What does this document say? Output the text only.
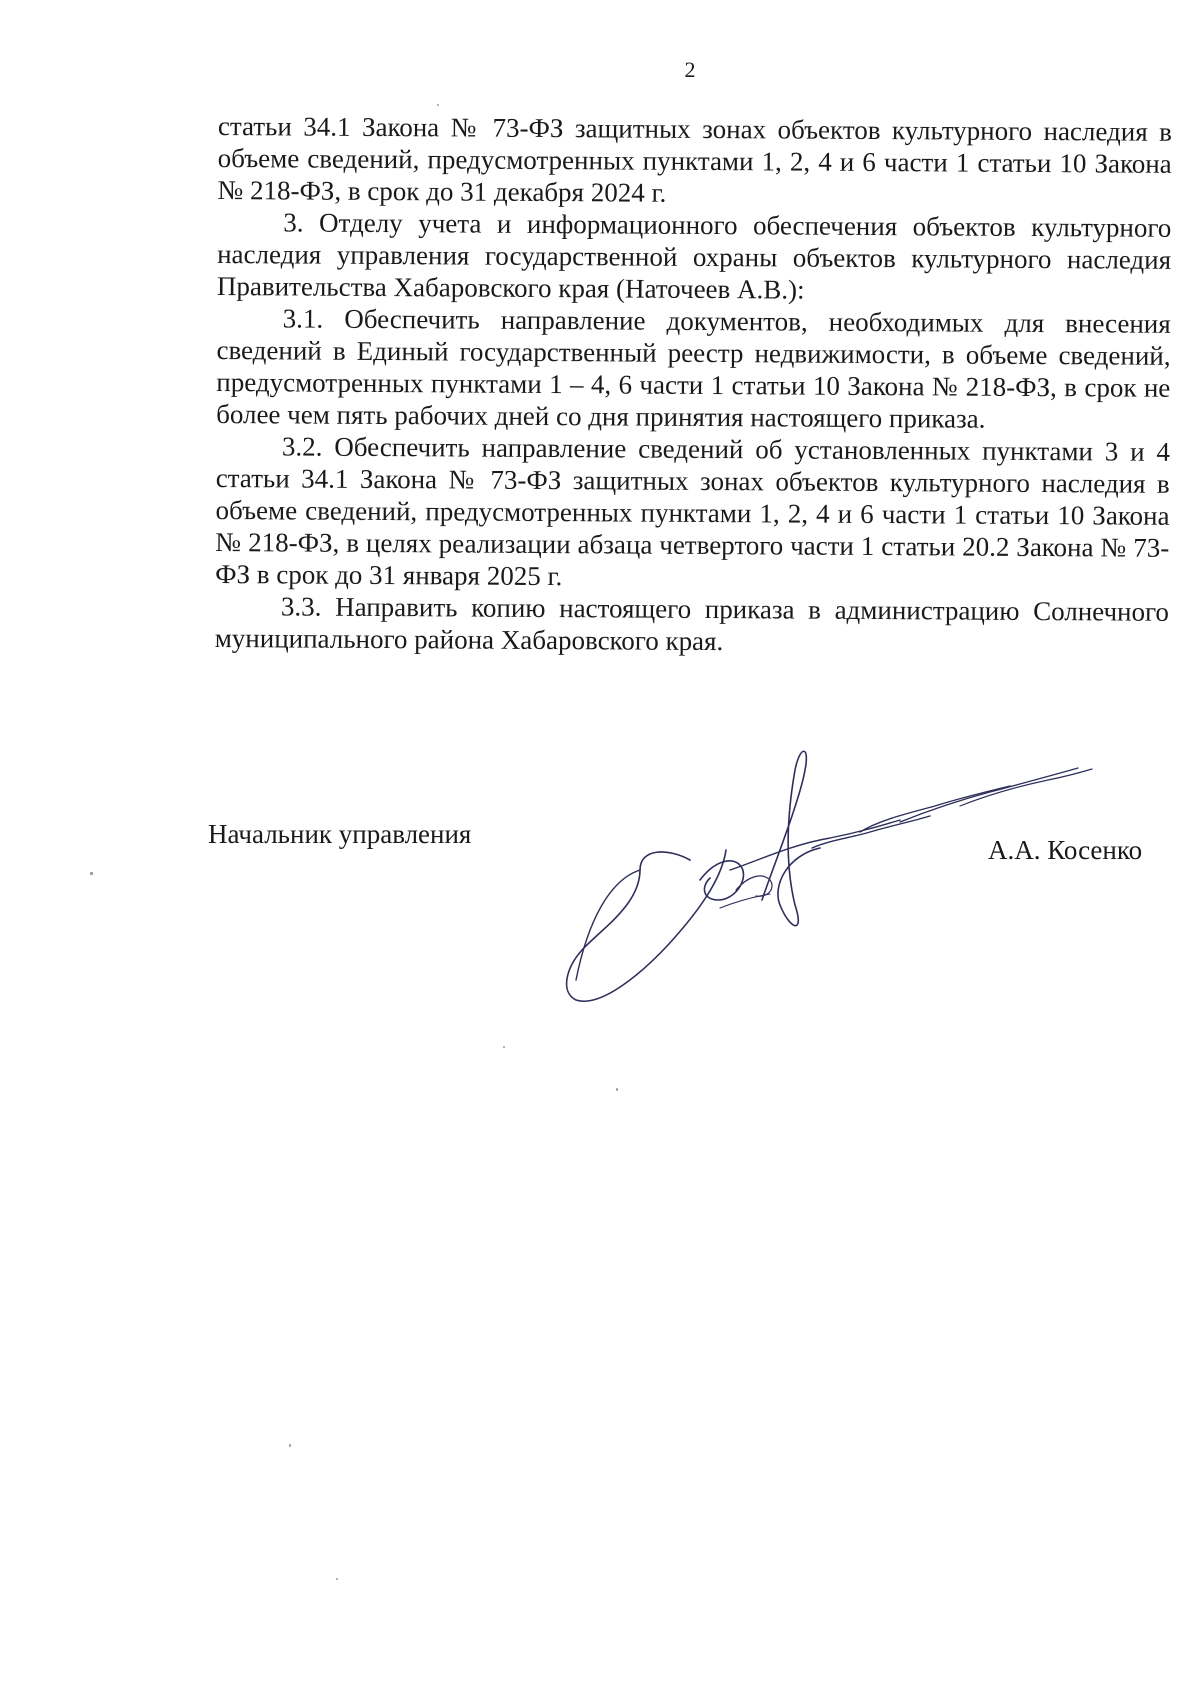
2

статьи 34.1 Закона № 73-ФЗ защитных зонах объектов культурного наследия в объеме сведений, предусмотренных пунктами 1, 2, 4 и 6 части 1 статьи 10 Закона № 218-ФЗ, в срок до 31 декабря 2024 г.

3. Отделу учета и информационного обеспечения объектов культурного наследия управления государственной охраны объектов культурного наследия Правительства Хабаровского края (Наточеев А.В.):

3.1. Обеспечить направление документов, необходимых для внесения сведений в Единый государственный реестр недвижимости, в объеме сведений, предусмотренных пунктами 1 – 4, 6 части 1 статьи 10 Закона № 218-ФЗ, в срок не более чем пять рабочих дней со дня принятия настоящего приказа.

3.2. Обеспечить направление сведений об установленных пунктами 3 и 4 статьи 34.1 Закона № 73-ФЗ защитных зонах объектов культурного наследия в объеме сведений, предусмотренных пунктами 1, 2, 4 и 6 части 1 статьи 10 Закона № 218-ФЗ, в целях реализации абзаца четвертого части 1 статьи 20.2 Закона № 73-ФЗ в срок до 31 января 2025 г.

3.3. Направить копию настоящего приказа в администрацию Солнечного муниципального района Хабаровского края.

Начальник управления
А.А. Косенко
